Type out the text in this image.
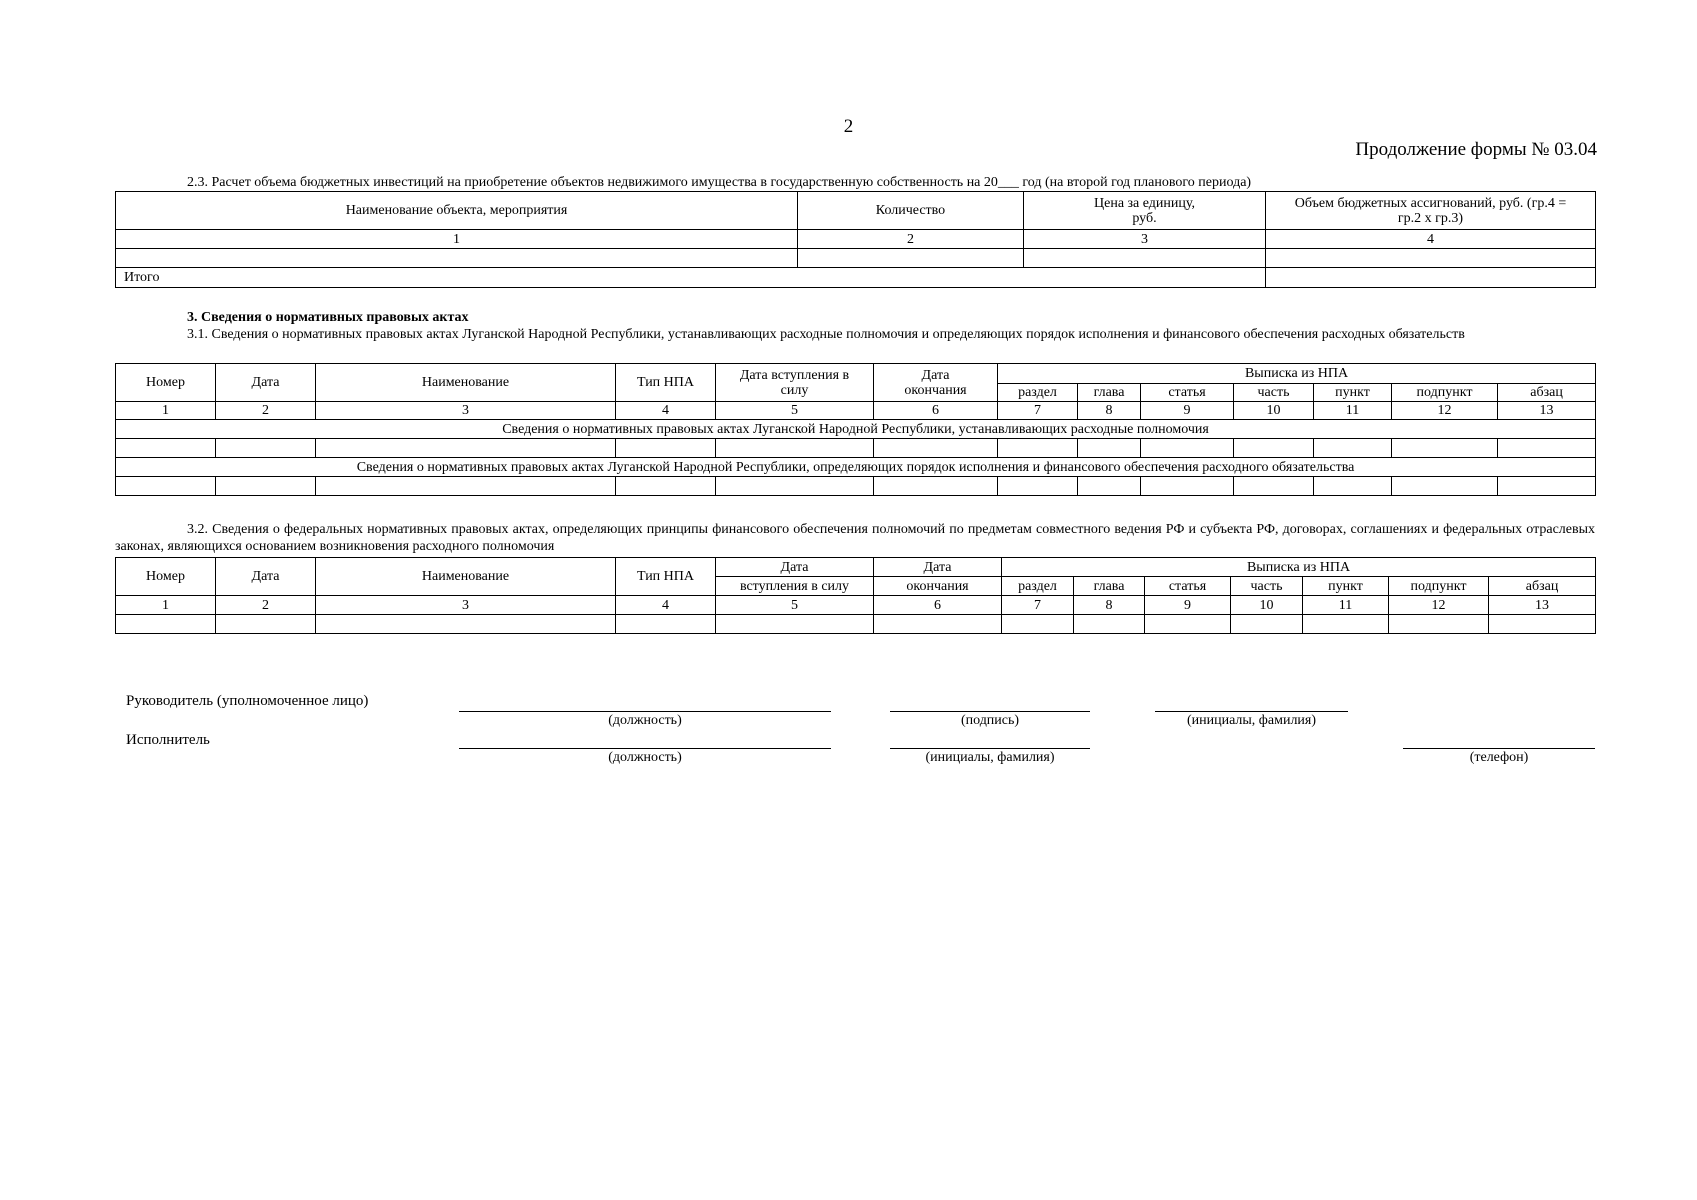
2
Продолжение формы № 03.04
2.3. Расчет объема бюджетных инвестиций на приобретение объектов недвижимого имущества в государственную собственность на 20___ год (на второй год планового периода)
Наименование объекта, мероприятия	Количество	Цена за единицу, руб.	Объем бюджетных ассигнований, руб. (гр.4 = гр.2 x гр.3)
1	2	3	4

Итого			
3. Сведения о нормативных правовых актах
3.1. Сведения о нормативных правовых актах Луганской Народной Республики, устанавливающих расходные полномочия и определяющих порядок исполнения и финансового обеспечения расходных обязательств
Номер	Дата	Наименование	Тип НПА	Дата вступления в силу	Дата окончания	Выписка из НПА						
						раздел	глава	статья	часть	пункт	подпункт	абзац
1	2	3	4	5	6	7	8	9	10	11	12	13
Сведения о нормативных правовых актах Луганской Народной Республики, устанавливающих расходные полномочия												

Сведения о нормативных правовых актах Луганской Народной Республики, определяющих порядок исполнения и финансового обеспечения расходного обязательства												

3.2. Сведения о федеральных нормативных правовых актах, определяющих принципы финансового обеспечения полномочий по предметам совместного ведения РФ и субъекта РФ, договорах, соглашениях и федеральных отраслевых законах, являющихся основанием возникновения расходного полномочия
Номер	Дата	Наименование	Тип НПА	Дата	Дата	Выписка из НПА						
				вступления в силу	окончания	раздел	глава	статья	часть	пункт	подпункт	абзац
1	2	3	4	5	6	7	8	9	10	11	12	13

Руководитель (уполномоченное лицо)
(должность)	(подпись)	(инициалы, фамилия)
Исполнитель
(должность)	(инициалы, фамилия)	(телефон)
